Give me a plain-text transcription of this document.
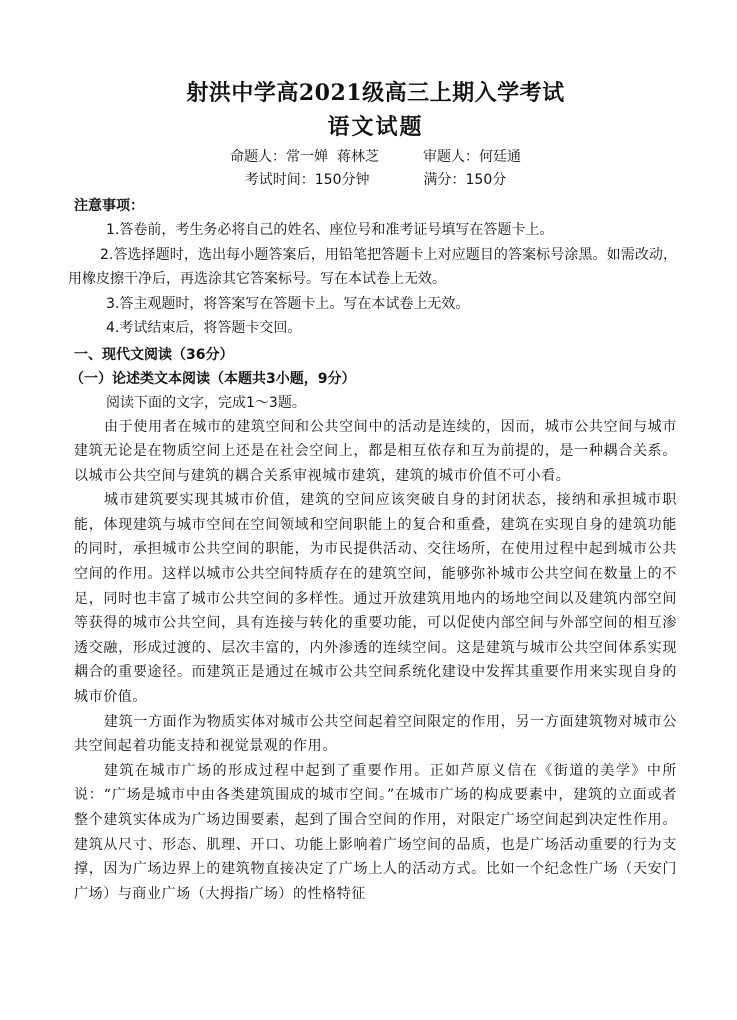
射洪中学高2021级高三上期入学考试
语文试题
命题人：常一婵  蒋林芝	审题人：何廷通
考试时间：150分钟	满分：150分
注意事项：

1.答卷前，考生务必将自己的姓名、座位号和准考证号填写在答题卡上。

2.答选择题时，选出每小题答案后，用铅笔把答题卡上对应题目的答案标号涂黑。如需改动，用橡皮擦干净后，再选涂其它答案标号。写在本试卷上无效。

3.答主观题时，将答案写在答题卡上。写在本试卷上无效。

4.考试结束后，将答题卡交回。

一、现代文阅读（36分）
（一）论述类文本阅读（本题共3小题，9分）

阅读下面的文字，完成1～3题。

由于使用者在城市的建筑空间和公共空间中的活动是连续的，因而，城市公共空间与城市建筑无论是在物质空间上还是在社会空间上，都是相互依存和互为前提的，是一种耦合关系。以城市公共空间与建筑的耦合关系审视城市建筑，建筑的城市价值不可小看。

城市建筑要实现其城市价值，建筑的空间应该突破自身的封闭状态，接纳和承担城市职能，体现建筑与城市空间在空间领域和空间职能上的复合和重叠，建筑在实现自身的建筑功能的同时，承担城市公共空间的职能，为市民提供活动、交往场所，在使用过程中起到城市公共空间的作用。这样以城市公共空间特质存在的建筑空间，能够弥补城市公共空间在数量上的不足，同时也丰富了城市公共空间的多样性。通过开放建筑用地内的场地空间以及建筑内部空间等获得的城市公共空间，具有连接与转化的重要功能，可以促使内部空间与外部空间的相互渗透交融，形成过渡的、层次丰富的，内外渗透的连续空间。这是建筑与城市公共空间体系实现耦合的重要途径。而建筑正是通过在城市公共空间系统化建设中发挥其重要作用来实现自身的城市价值。

建筑一方面作为物质实体对城市公共空间起着空间限定的作用，另一方面建筑物对城市公共空间起着功能支持和视觉景观的作用。

建筑在城市广场的形成过程中起到了重要作用。正如芦原义信在《街道的美学》中所说：“广场是城市中由各类建筑围成的城市空间。”在城市广场的构成要素中，建筑的立面或者整个建筑实体成为广场边围要素，起到了围合空间的作用，对限定广场空间起到决定性作用。建筑从尺寸、形态、肌理、开口、功能上影响着广场空间的品质，也是广场活动重要的行为支撑，因为广场边界上的建筑物直接决定了广场上人的活动方式。比如一个纪念性广场（天安门广场）与商业广场（大拇指广场）的性格特征
